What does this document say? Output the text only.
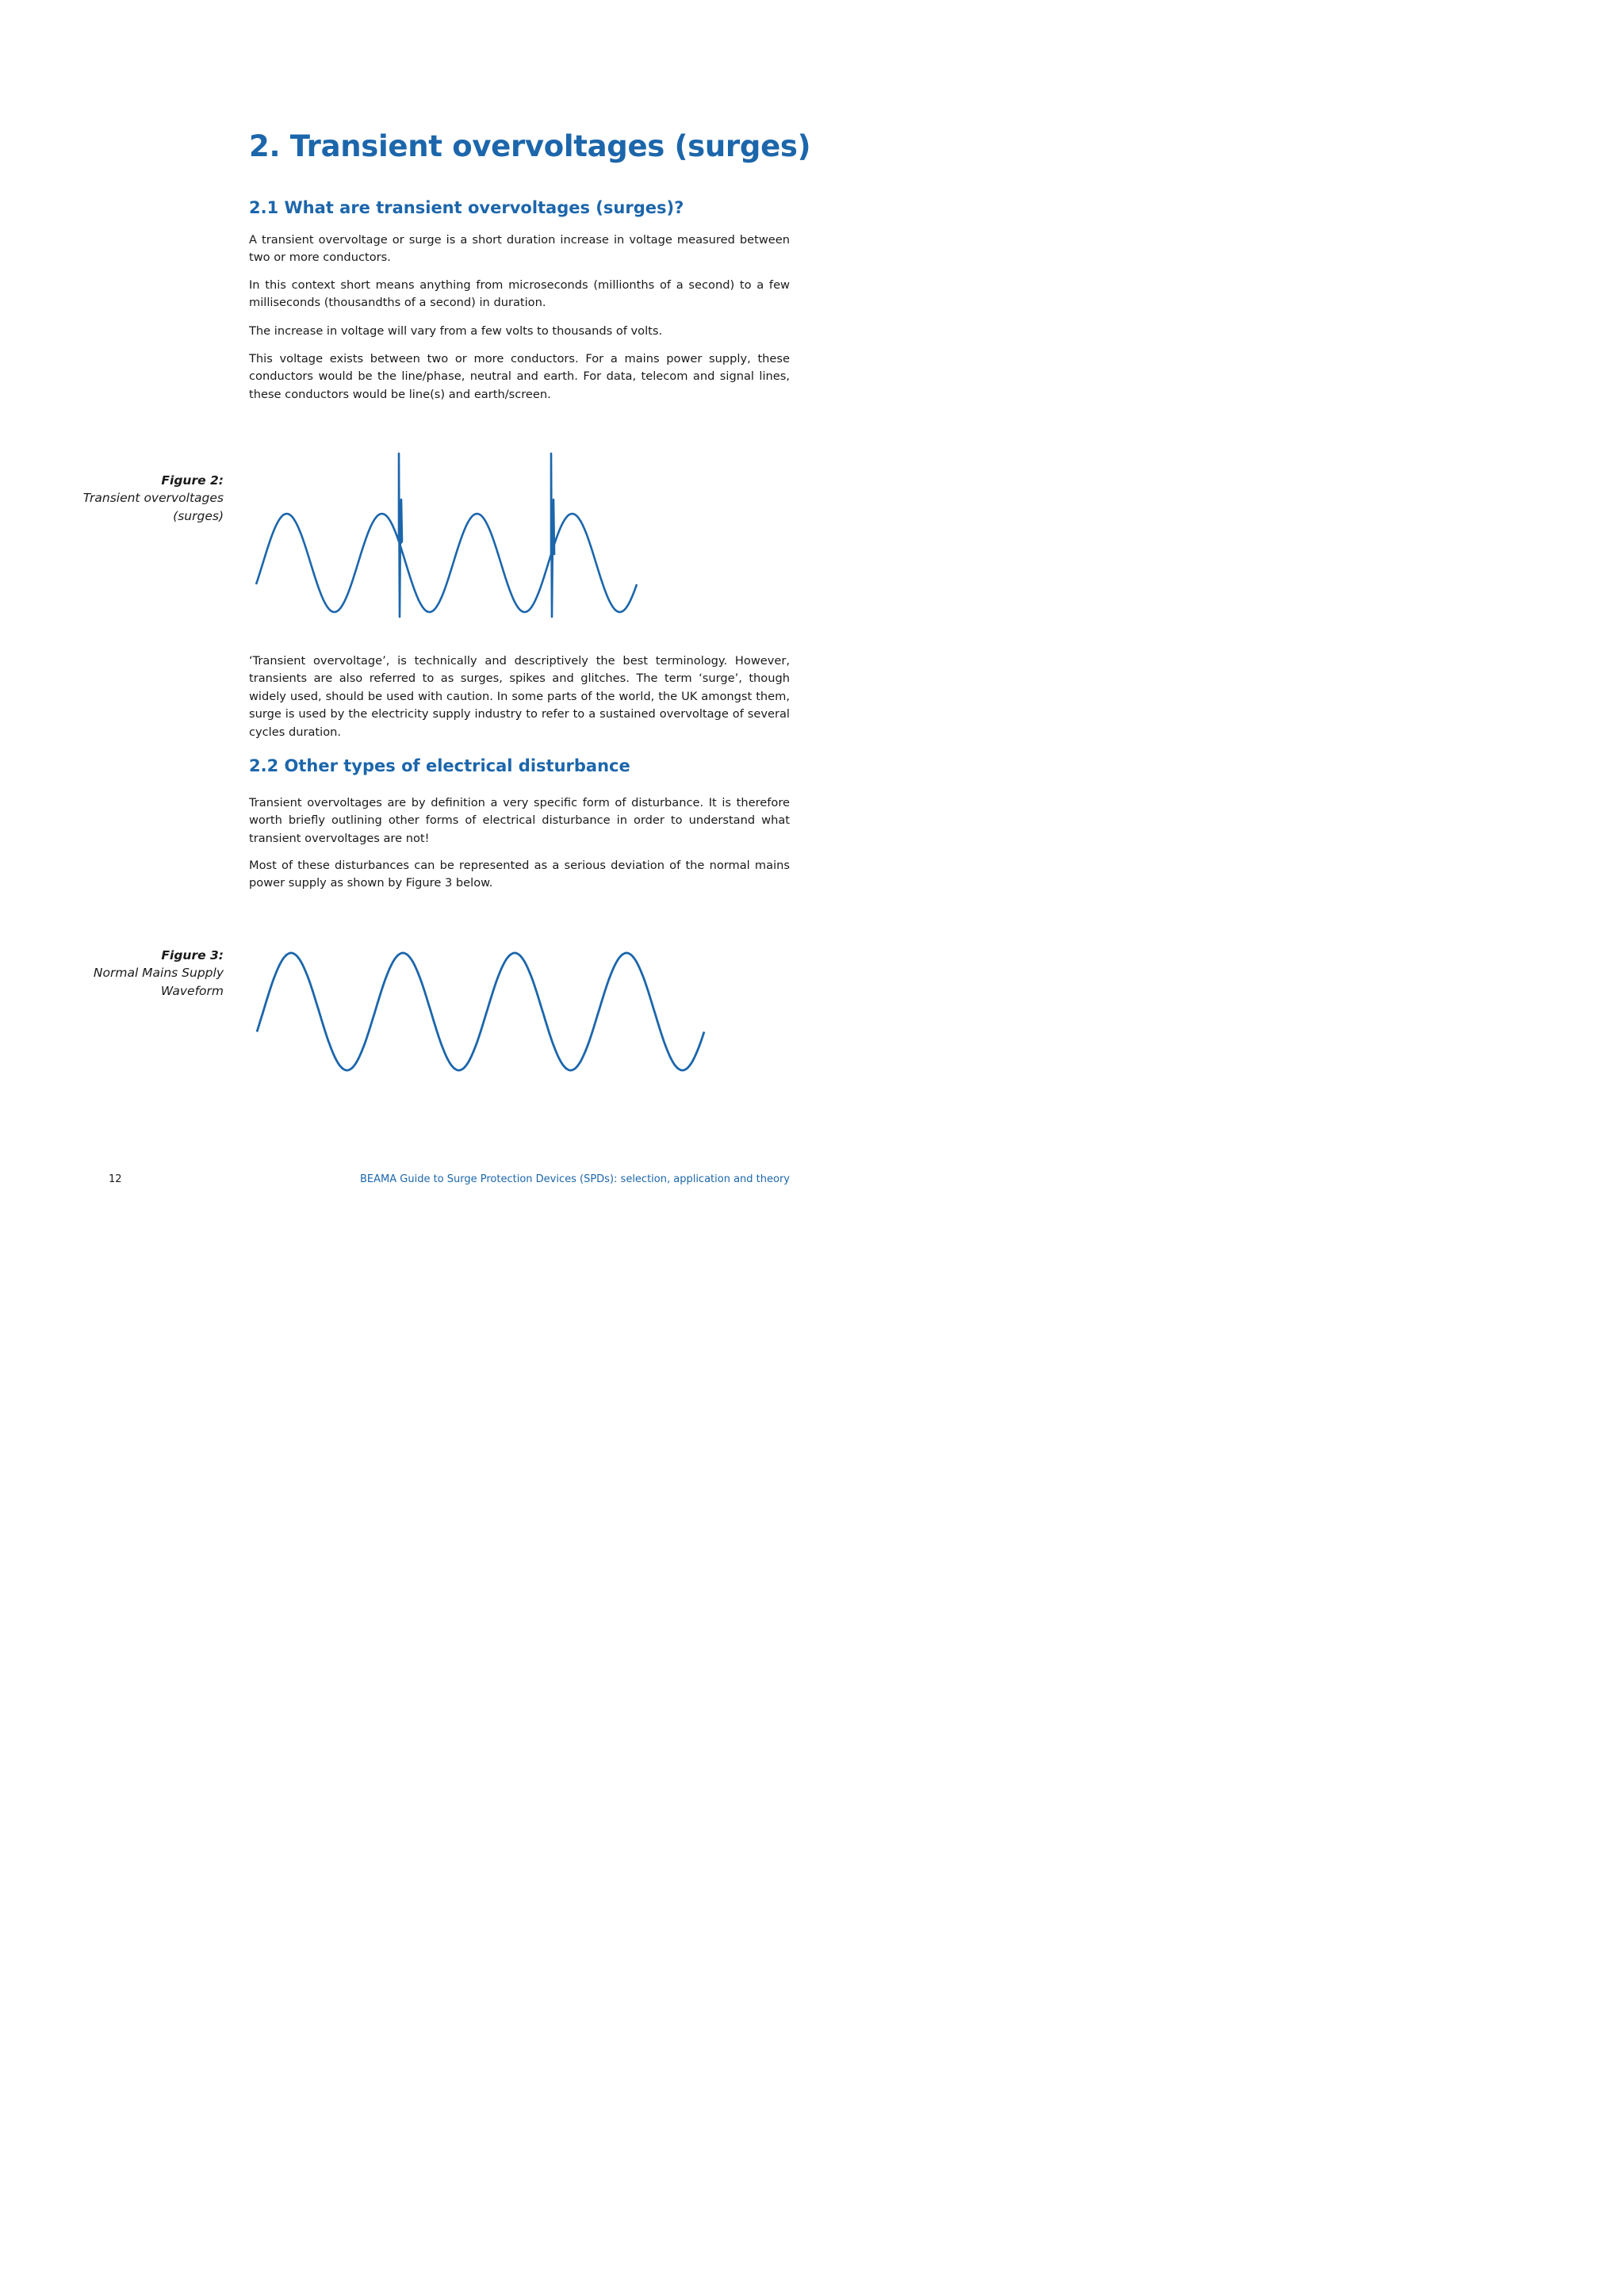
2. Transient overvoltages (surges)
2.1 What are transient overvoltages (surges)?

A transient overvoltage or surge is a short duration increase in voltage measured between two or more conductors.

In this context short means anything from microseconds (millionths of a second) to a few milliseconds (thousandths of a second) in duration.

The increase in voltage will vary from a few volts to thousands of volts.

This voltage exists between two or more conductors. For a mains power supply, these conductors would be the line/phase, neutral and earth. For data, telecom and signal lines, these conductors would be line(s) and earth/screen.

Figure 2:
Transient overvoltages (surges)

‘Transient overvoltage’, is technically and descriptively the best terminology. However, transients are also referred to as surges, spikes and glitches. The term ‘surge’, though widely used, should be used with caution. In some parts of the world, the UK amongst them, surge is used by the electricity supply industry to refer to a sustained overvoltage of several cycles duration.

2.2 Other types of electrical disturbance

Transient overvoltages are by definition a very specific form of disturbance. It is therefore worth briefly outlining other forms of electrical disturbance in order to understand what transient overvoltages are not!

Most of these disturbances can be represented as a serious deviation of the normal mains power supply as shown by Figure 3 below.

Figure 3:
Normal Mains Supply Waveform
12	BEAMA Guide to Surge Protection Devices (SPDs): selection, application and theory
